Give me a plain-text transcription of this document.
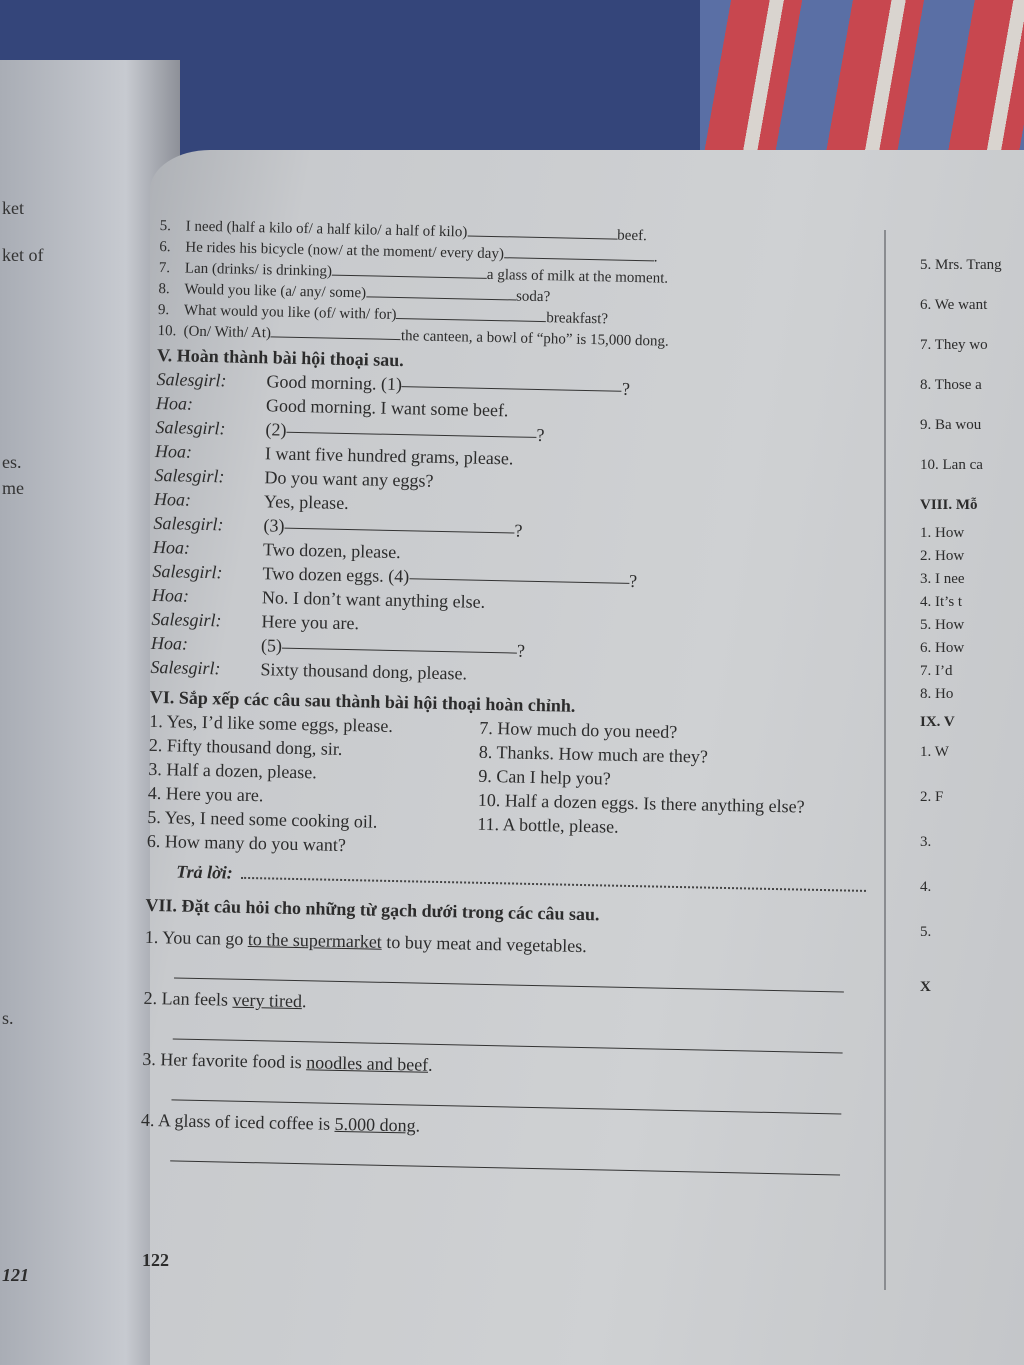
ket
ket of
es.
me
s.
121
5. I need (half a kilo of/ a half kilo/ a half of kilo)	beef.
6. He rides his bicycle (now/ at the moment/ every day)	.
7. Lan (drinks/ is drinking)	a glass of milk at the moment.
8. Would you like (a/ any/ some)	soda?
9. What would you like (of/ with/ for)	breakfast?
10. (On/ With/ At)	the canteen, a bowl of “pho” is 15,000 dong.
V. Hoàn thành bài hội thoại sau.
Salesgirl:	Good morning. (1)	?
Hoa:	Good morning. I want some beef.
Salesgirl:	(2)	?
Hoa:	I want five hundred grams, please.
Salesgirl:	Do you want any eggs?
Hoa:	Yes, please.
Salesgirl:	(3)	?
Hoa:	Two dozen, please.
Salesgirl:	Two dozen eggs. (4)	?
Hoa:	No. I don’t want anything else.
Salesgirl:	Here you are.
Hoa:	(5)	?
Salesgirl:	Sixty thousand dong, please.
VI. Sắp xếp các câu sau thành bài hội thoại hoàn chỉnh.
1. Yes, I’d like some eggs, please.
2. Fifty thousand dong, sir.
3. Half a dozen, please.
4. Here you are.
5. Yes, I need some cooking oil.
6. How many do you want?
7. How much do you need?
8. Thanks. How much are they?
9. Can I help you?
10. Half a dozen eggs. Is there anything else?
11. A bottle, please.
Trả lời:
VII. Đặt câu hỏi cho những từ gạch dưới trong các câu sau.
1. You can go to the supermarket to buy meat and vegetables.
2. Lan feels very tired.
3. Her favorite food is noodles and beef.
4. A glass of iced coffee is 5.000 dong.
122
5. Mrs. Trang
6. We want
7. They wo
8. Those a
9. Ba wou
10. Lan ca
VIII. Mỗ
1. How
2. How
3. I nee
4. It’s t
5. How
6. How
7. I’d
8. Ho
IX. V
1. W
2. F
3.
4.
5.
X
